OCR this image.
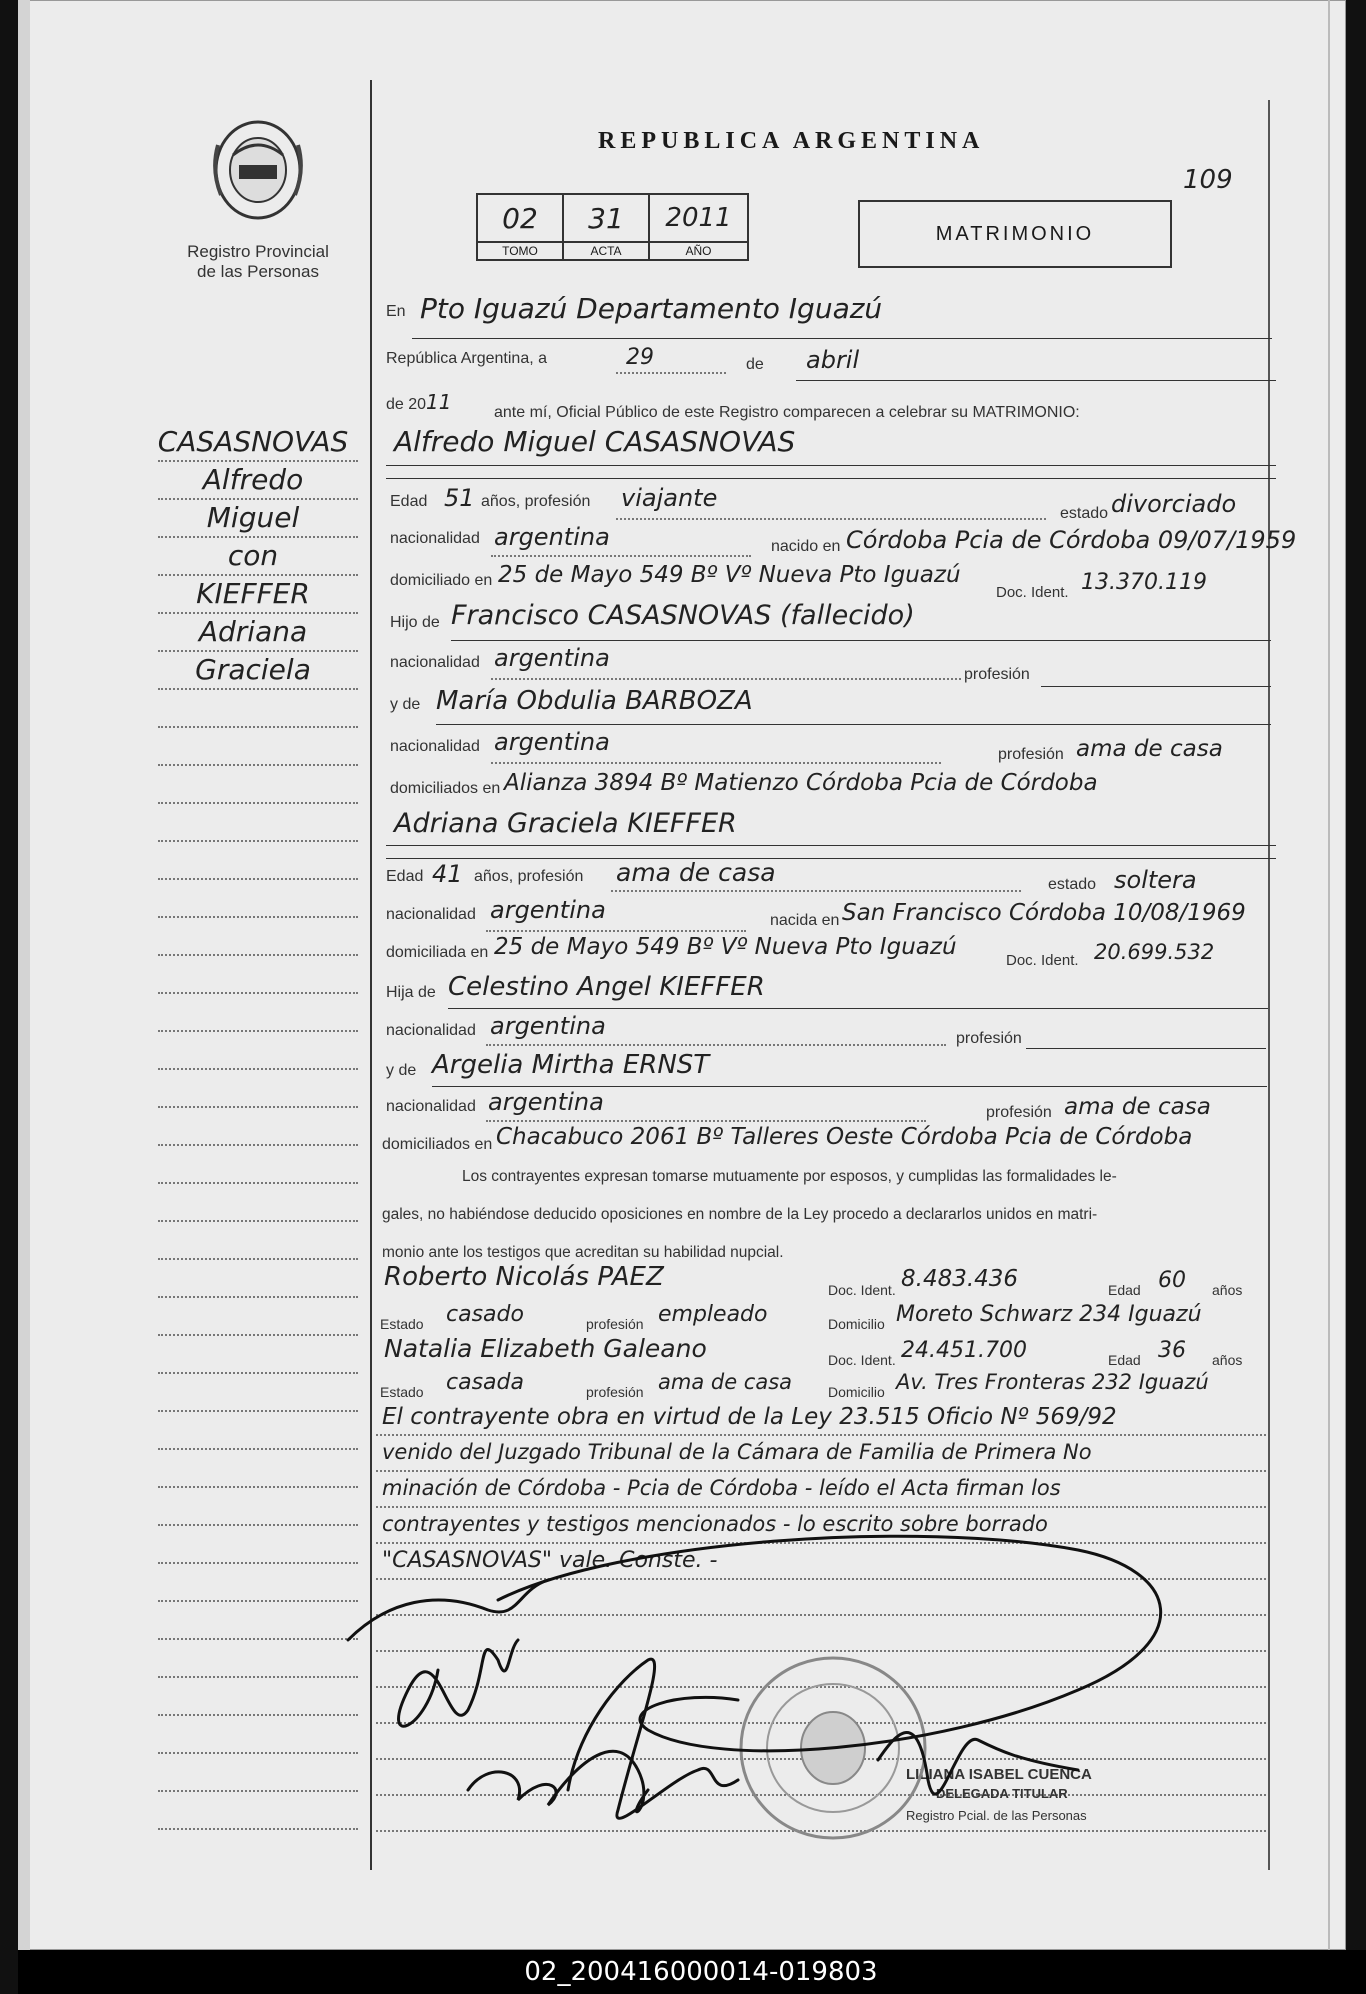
Registro Provincial
de las Personas
REPUBLICA ARGENTINA
109
02	31	2011
TOMO	ACTA	AÑO
MATRIMONIO
CASASNOVAS
Alfredo
Miguel
con
KIEFFER
Adriana
Graciela
En Pto Iguazú Departamento Iguazú
República Argentina, a	29	de abril
de 2011	ante mí, Oficial Público de este Registro comparecen a celebrar su MATRIMONIO:
Alfredo Miguel CASASNOVAS
Edad 51 años, profesión viajante
estado divorciado
nacionalidad argentina	nacido en Córdoba Pcia de Córdoba 09/07/1959
domiciliado en 25 de Mayo 549 Bº Vº Nueva Pto Iguazú
Doc. Ident. 13.370.119
Hijo de Francisco CASASNOVAS (fallecido)
nacionalidad argentina
profesión
y de María Obdulia BARBOZA
nacionalidad argentina	profesión ama de casa
domiciliados en Alianza 3894 Bº Matienzo Córdoba Pcia de Córdoba
Adriana Graciela KIEFFER
Edad 41 años, profesión ama de casa	estado soltera
nacionalidad argentina	nacida en San Francisco Córdoba 10/08/1969
domiciliada en 25 de Mayo 549 Bº Vº Nueva Pto Iguazú
Doc. Ident. 20.699.532
Hija de Celestino Angel KIEFFER
nacionalidad argentina	profesión
y de Argelia Mirtha ERNST
nacionalidad argentina	profesión ama de casa
domiciliados en Chacabuco 2061 Bº Talleres Oeste Córdoba Pcia de Córdoba
Los contrayentes expresan tomarse mutuamente por esposos, y cumplidas las formalidades le-
gales, no habiéndose deducido oposiciones en nombre de la Ley procedo a declararlos unidos en matri-
monio ante los testigos que acreditan su habilidad nupcial.
Roberto Nicolás PAEZ	Doc. Ident. 8.483.436	Edad 60 años
Estado casado	profesión empleado	Domicilio Moreto Schwarz 234 Iguazú
Natalia Elizabeth Galeano	Doc. Ident. 24.451.700	Edad 36 años
Estado casada	profesión ama de casa	Domicilio Av. Tres Fronteras 232 Iguazú
El contrayente obra en virtud de la Ley 23.515 Oficio Nº 569/92
venido del Juzgado Tribunal de la Cámara de Familia de Primera No
minación de Córdoba - Pcia de Córdoba - leído el Acta firman los
contrayentes y testigos mencionados - lo escrito sobre borrado
"CASASNOVAS" vale. Conste. -
LILIANA ISABEL CUENCA
DELEGADA TITULAR
Registro Pcial. de las Personas
02_200416000014-019803
